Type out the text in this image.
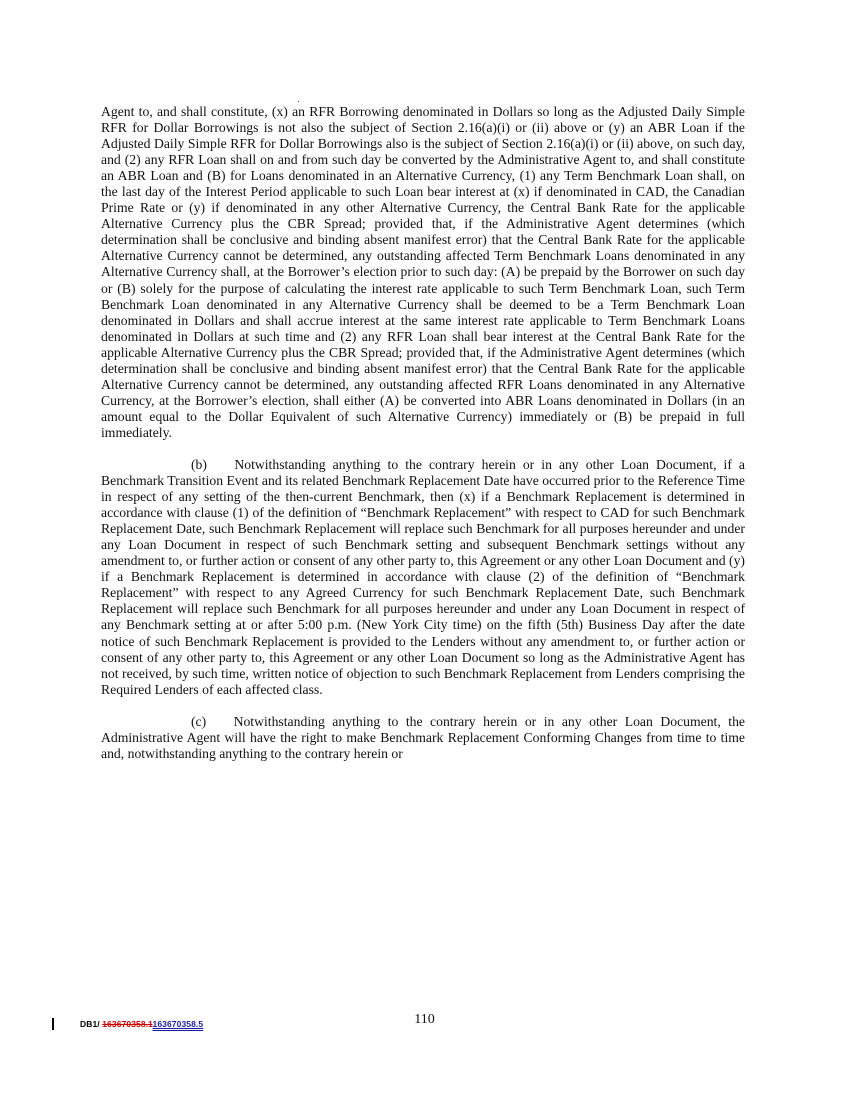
Agent to, and shall constitute, (x) an RFR Borrowing denominated in Dollars so long as the Adjusted Daily Simple RFR for Dollar Borrowings is not also the subject of Section 2.16(a)(i) or (ii) above or (y) an ABR Loan if the Adjusted Daily Simple RFR for Dollar Borrowings also is the subject of Section 2.16(a)(i) or (ii) above, on such day, and (2) any RFR Loan shall on and from such day be converted by the Administrative Agent to, and shall constitute an ABR Loan and (B) for Loans denominated in an Alternative Currency, (1) any Term Benchmark Loan shall, on the last day of the Interest Period applicable to such Loan bear interest at (x) if denominated in CAD, the Canadian Prime Rate or (y) if denominated in any other Alternative Currency, the Central Bank Rate for the applicable Alternative Currency plus the CBR Spread; provided that, if the Administrative Agent determines (which determination shall be conclusive and binding absent manifest error) that the Central Bank Rate for the applicable Alternative Currency cannot be determined, any outstanding affected Term Benchmark Loans denominated in any Alternative Currency shall, at the Borrower’s election prior to such day: (A) be prepaid by the Borrower on such day or (B) solely for the purpose of calculating the interest rate applicable to such Term Benchmark Loan, such Term Benchmark Loan denominated in any Alternative Currency shall be deemed to be a Term Benchmark Loan denominated in Dollars and shall accrue interest at the same interest rate applicable to Term Benchmark Loans denominated in Dollars at such time and (2) any RFR Loan shall bear interest at the Central Bank Rate for the applicable Alternative Currency plus the CBR Spread; provided that, if the Administrative Agent determines (which determination shall be conclusive and binding absent manifest error) that the Central Bank Rate for the applicable Alternative Currency cannot be determined, any outstanding affected RFR Loans denominated in any Alternative Currency, at the Borrower’s election, shall either (A) be converted into ABR Loans denominated in Dollars (in an amount equal to the Dollar Equivalent of such Alternative Currency) immediately or (B) be prepaid in full immediately.

(b)  Notwithstanding anything to the contrary herein or in any other Loan Document, if a Benchmark Transition Event and its related Benchmark Replacement Date have occurred prior to the Reference Time in respect of any setting of the then-current Benchmark, then (x) if a Benchmark Replacement is determined in accordance with clause (1) of the definition of “Benchmark Replacement” with respect to CAD for such Benchmark Replacement Date, such Benchmark Replacement will replace such Benchmark for all purposes hereunder and under any Loan Document in respect of such Benchmark setting and subsequent Benchmark settings without any amendment to, or further action or consent of any other party to, this Agreement or any other Loan Document and (y) if a Benchmark Replacement is determined in accordance with clause (2) of the definition of “Benchmark Replacement” with respect to any Agreed Currency for such Benchmark Replacement Date, such Benchmark Replacement will replace such Benchmark for all purposes hereunder and under any Loan Document in respect of any Benchmark setting at or after 5:00 p.m. (New York City time) on the fifth (5th) Business Day after the date notice of such Benchmark Replacement is provided to the Lenders without any amendment to, or further action or consent of any other party to, this Agreement or any other Loan Document so long as the Administrative Agent has not received, by such time, written notice of objection to such Benchmark Replacement from Lenders comprising the Required Lenders of each affected class.

(c)  Notwithstanding anything to the contrary herein or in any other Loan Document, the Administrative Agent will have the right to make Benchmark Replacement Conforming Changes from time to time and, notwithstanding anything to the contrary herein or

110
DB1/ 163670358.1163670358.5
